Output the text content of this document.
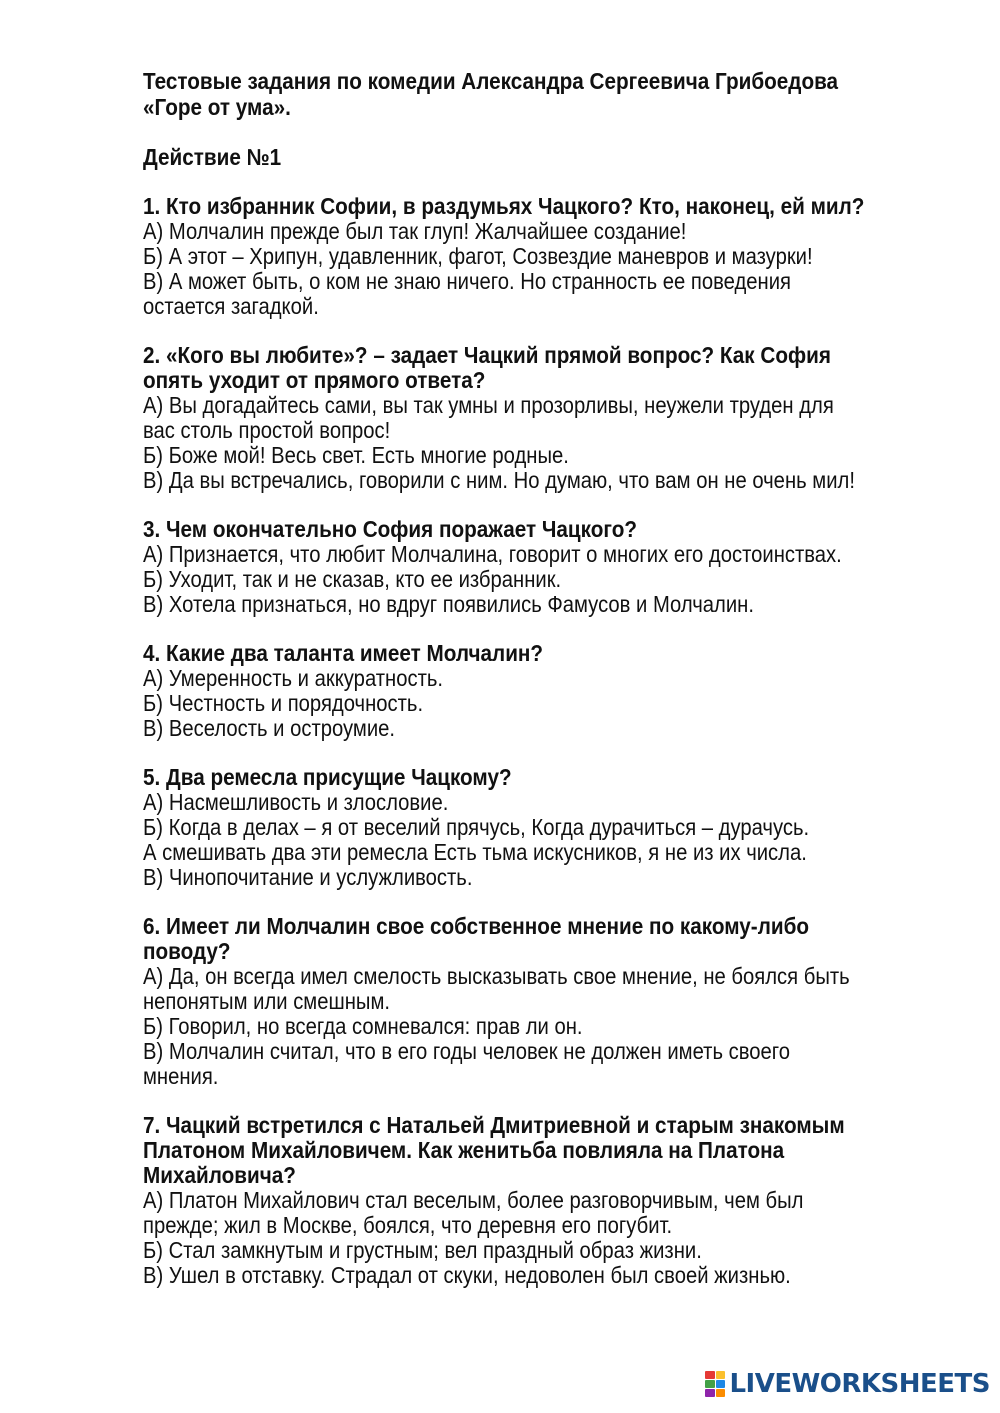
Тестовые задания по комедии Александра Сергеевича Грибоедова
«Горе от ума».
Действие №1
1. Кто избранник Софии, в раздумьях Чацкого? Кто, наконец, ей мил?
А) Молчалин прежде был так глуп! Жалчайшее создание!
Б) А этот – Хрипун, удавленник, фагот, Созвездие маневров и мазурки!
В) А может быть, о ком не знаю ничего. Но странность ее поведения
остается загадкой.
2. «Кого вы любите»? – задает Чацкий прямой вопрос? Как София
опять уходит от прямого ответа?
А) Вы догадайтесь сами, вы так умны и прозорливы, неужели труден для
вас столь простой вопрос!
Б) Боже мой! Весь свет. Есть многие родные.
В) Да вы встречались, говорили с ним. Но думаю, что вам он не очень мил!
3. Чем окончательно София поражает Чацкого?
А) Признается, что любит Молчалина, говорит о многих его достоинствах.
Б) Уходит, так и не сказав, кто ее избранник.
В) Хотела признаться, но вдруг появились Фамусов и Молчалин.
4. Какие два таланта имеет Молчалин?
А) Умеренность и аккуратность.
Б) Честность и порядочность.
В) Веселость и остроумие.
5. Два ремесла присущие Чацкому?
А) Насмешливость и злословие.
Б) Когда в делах – я от веселий прячусь, Когда дурачиться – дурачусь.
А смешивать два эти ремесла Есть тьма искусников, я не из их числа.
В) Чинопочитание и услужливость.
6. Имеет ли Молчалин свое собственное мнение по какому-либо
поводу?
А) Да, он всегда имел смелость высказывать свое мнение, не боялся быть
непонятым или смешным.
Б) Говорил, но всегда сомневался: прав ли он.
В) Молчалин считал, что в его годы человек не должен иметь своего
мнения.
7. Чацкий встретился с Натальей Дмитриевной и старым знакомым
Платоном Михайловичем. Как женитьба повлияла на Платона
Михайловича?
А) Платон Михайлович стал веселым, более разговорчивым, чем был
прежде; жил в Москве, боялся, что деревня его погубит.
Б) Стал замкнутым и грустным; вел праздный образ жизни.
В) Ушел в отставку. Страдал от скуки, недоволен был своей жизнью.
LIVEWORKSHEETS
